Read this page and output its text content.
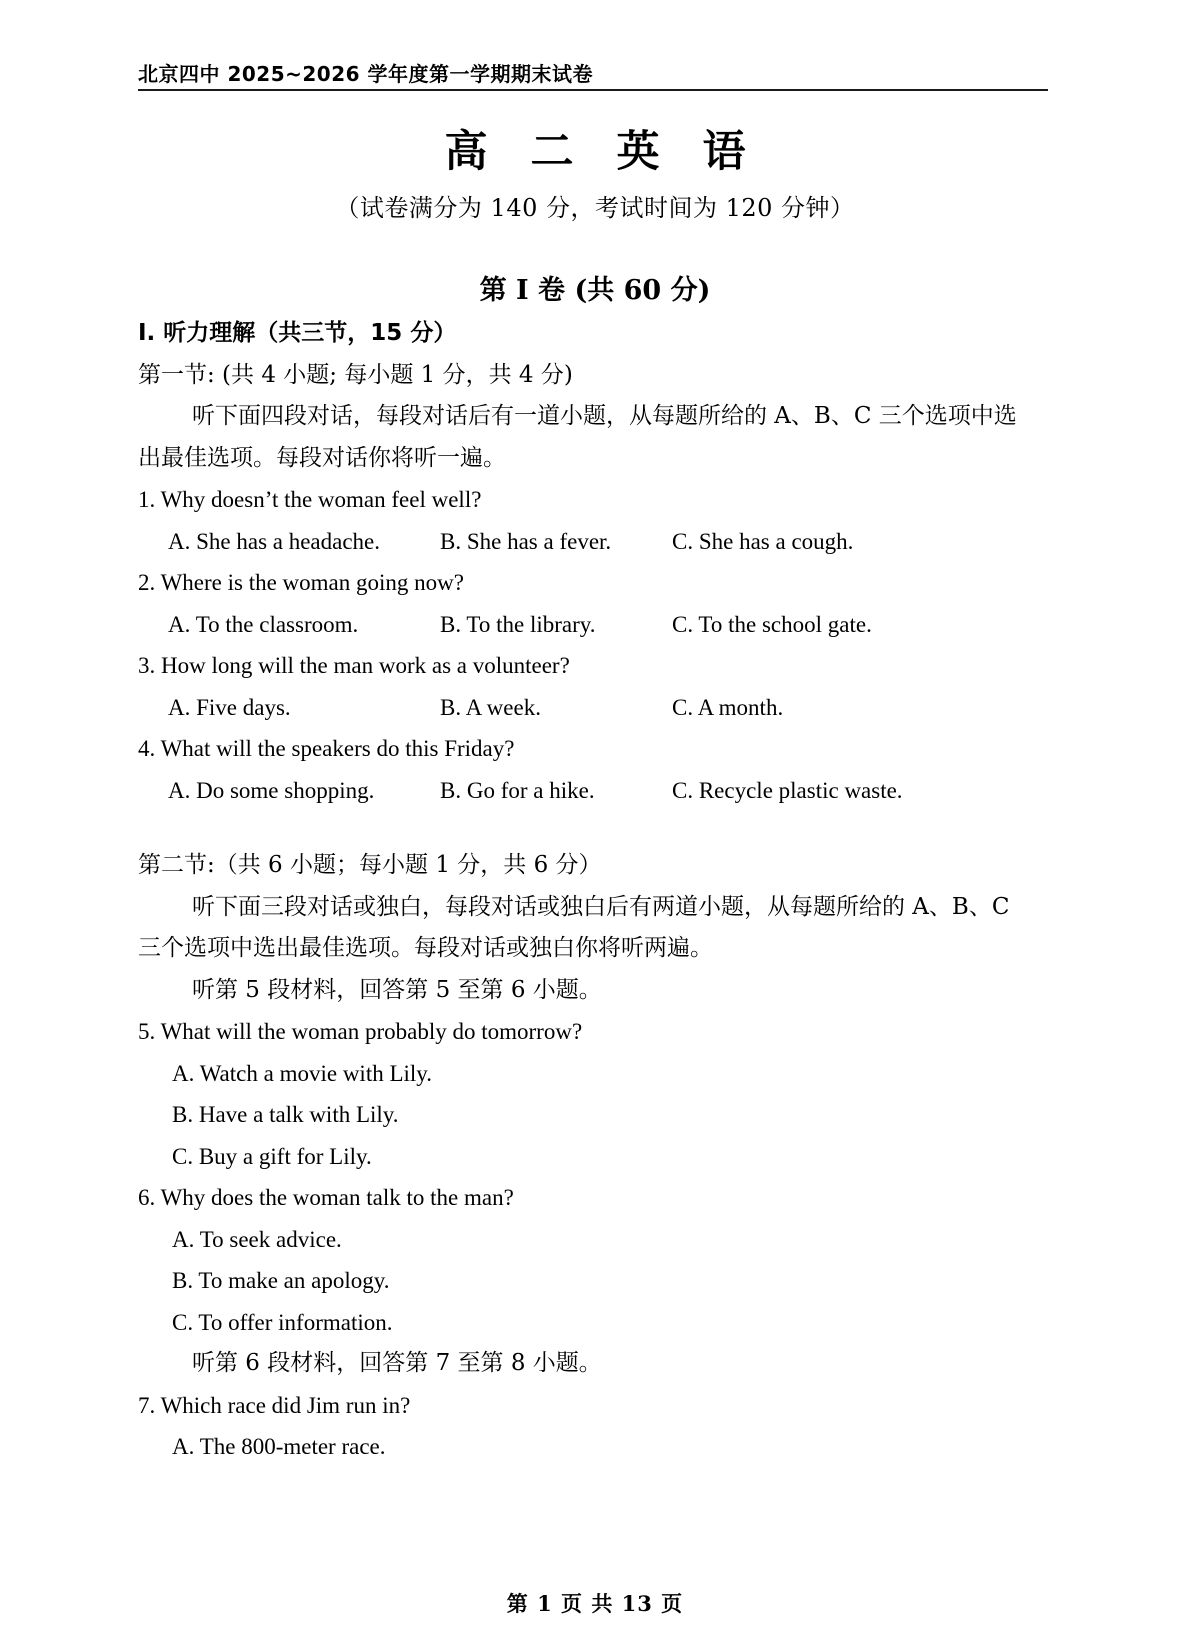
北京四中 2025~2026 学年度第一学期期末试卷
高 二 英 语
（试卷满分为 140 分，考试时间为 120 分钟）
第 I 卷 (共 60 分)
I. 听力理解（共三节，15 分）
第一节: (共 4 小题; 每小题 1 分，共 4 分)
听下面四段对话，每段对话后有一道小题，从每题所给的 A、B、C 三个选项中选
出最佳选项。每段对话你将听一遍。
1. Why doesn’t the woman feel well?
A. She has a headache.	B. She has a fever.	C. She has a cough.
2. Where is the woman going now?
A. To the classroom.	B. To the library.	C. To the school gate.
3. How long will the man work as a volunteer?
A. Five days.	B. A week.	C. A month.
4. What will the speakers do this Friday?
A. Do some shopping.	B. Go for a hike.	C. Recycle plastic waste.
第二节:（共 6 小题；每小题 1 分，共 6 分）
听下面三段对话或独白，每段对话或独白后有两道小题，从每题所给的 A、B、C
三个选项中选出最佳选项。每段对话或独白你将听两遍。
听第 5 段材料，回答第 5 至第 6 小题。
5. What will the woman probably do tomorrow?
A. Watch a movie with Lily.
B. Have a talk with Lily.
C. Buy a gift for Lily.
6. Why does the woman talk to the man?
A. To seek advice.
B. To make an apology.
C. To offer information.
听第 6 段材料，回答第 7 至第 8 小题。
7. Which race did Jim run in?
A. The 800-meter race.
第 1 页 共 13 页
